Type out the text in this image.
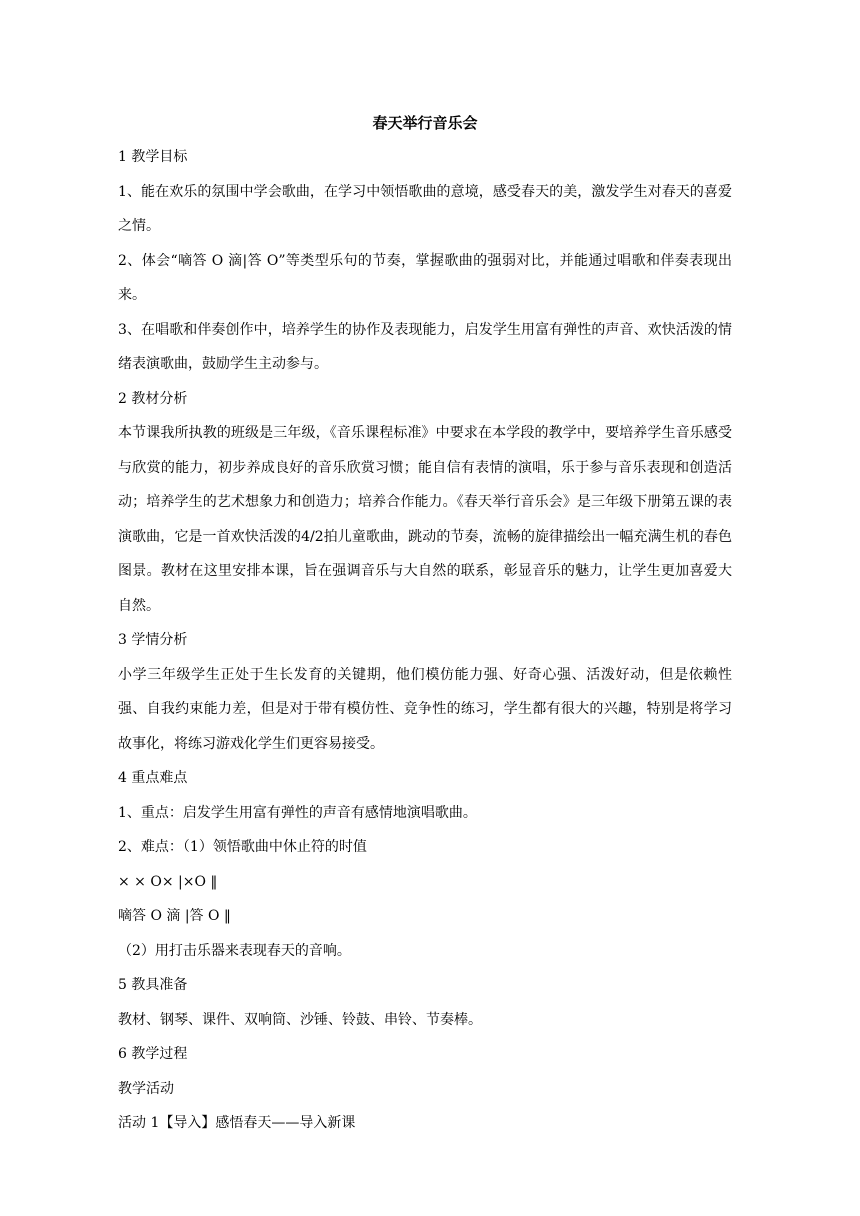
春天举行音乐会

1 教学目标

1、能在欢乐的氛围中学会歌曲，在学习中领悟歌曲的意境，感受春天的美，激发学生对春天的喜爱之情。

2、体会“嘀答 O 滴|答 O”等类型乐句的节奏，掌握歌曲的强弱对比，并能通过唱歌和伴奏表现出来。

3、在唱歌和伴奏创作中，培养学生的协作及表现能力，启发学生用富有弹性的声音、欢快活泼的情绪表演歌曲，鼓励学生主动参与。

2 教材分析

本节课我所执教的班级是三年级，《音乐课程标准》中要求在本学段的教学中，要培养学生音乐感受与欣赏的能力，初步养成良好的音乐欣赏习惯；能自信有表情的演唱，乐于参与音乐表现和创造活动；培养学生的艺术想象力和创造力；培养合作能力。《春天举行音乐会》是三年级下册第五课的表演歌曲，它是一首欢快活泼的4/2拍儿童歌曲，跳动的节奏，流畅的旋律描绘出一幅充满生机的春色图景。教材在这里安排本课，旨在强调音乐与大自然的联系，彰显音乐的魅力，让学生更加喜爱大自然。

3 学情分析

小学三年级学生正处于生长发育的关键期，他们模仿能力强、好奇心强、活泼好动，但是依赖性强、自我约束能力差，但是对于带有模仿性、竞争性的练习，学生都有很大的兴趣，特别是将学习故事化，将练习游戏化学生们更容易接受。

4 重点难点

1、重点：启发学生用富有弹性的声音有感情地演唱歌曲。

2、难点：（1）领悟歌曲中休止符的时值

× × O× |×O ‖

嘀答 O 滴 |答 O ‖

（2）用打击乐器来表现春天的音响。

5 教具准备

教材、钢琴、课件、双响筒、沙锤、铃鼓、串铃、节奏棒。

6 教学过程

教学活动

活动 1【导入】感悟春天——导入新课
